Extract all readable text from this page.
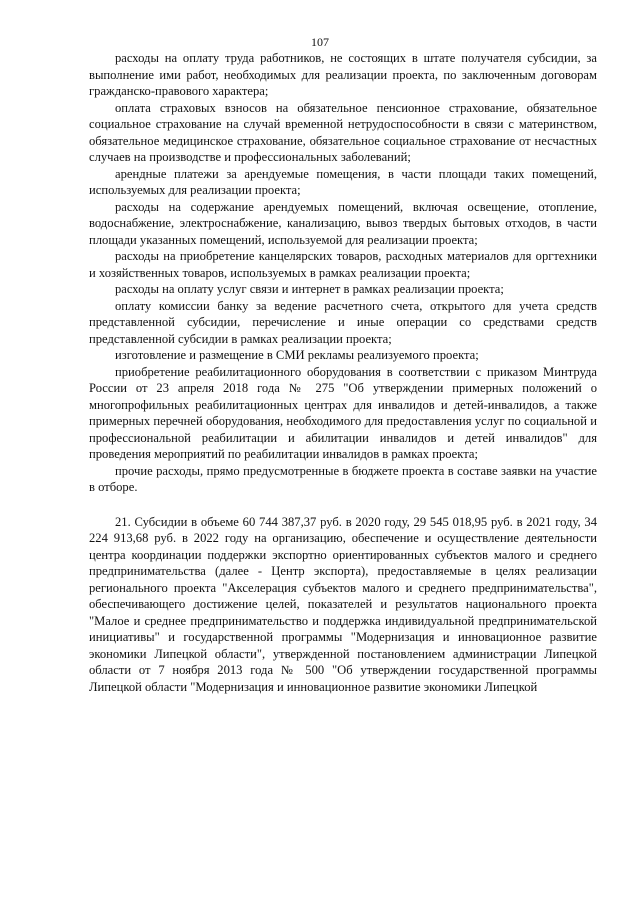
107

расходы на оплату труда работников, не состоящих в штате получателя субсидии, за выполнение ими работ, необходимых для реализации проекта, по заключенным договорам гражданско-правового характера;

оплата страховых взносов на обязательное пенсионное страхование, обязательное социальное страхование на случай временной нетрудоспособности в связи с материнством, обязательное медицинское страхование, обязательное социальное страхование от несчастных случаев на производстве и профессиональных заболеваний;

арендные платежи за арендуемые помещения, в части площади таких помещений, используемых для реализации проекта;

расходы на содержание арендуемых помещений, включая освещение, отопление, водоснабжение, электроснабжение, канализацию, вывоз твердых бытовых отходов, в части площади указанных помещений, используемой для реализации проекта;

расходы на приобретение канцелярских товаров, расходных материалов для оргтехники и хозяйственных товаров, используемых в рамках реализации проекта;

расходы на оплату услуг связи и интернет в рамках реализации проекта;

оплату комиссии банку за ведение расчетного счета, открытого для учета средств представленной субсидии, перечисление и иные операции со средствами средств представленной субсидии в рамках реализации проекта;

изготовление и размещение в СМИ рекламы реализуемого проекта;

приобретение реабилитационного оборудования в соответствии с приказом Минтруда России от 23 апреля 2018 года № 275 "Об утверждении примерных положений о многопрофильных реабилитационных центрах для инвалидов и детей-инвалидов, а также примерных перечней оборудования, необходимого для предоставления услуг по социальной и профессиональной реабилитации и абилитации инвалидов и детей инвалидов" для проведения мероприятий по реабилитации инвалидов в рамках проекта;

прочие расходы, прямо предусмотренные в бюджете проекта в составе заявки на участие в отборе.

21. Субсидии в объеме 60 744 387,37 руб. в 2020 году, 29 545 018,95 руб. в 2021 году, 34 224 913,68 руб. в 2022 году на организацию, обеспечение и осуществление деятельности центра координации поддержки экспортно ориентированных субъектов малого и среднего предпринимательства (далее - Центр экспорта), предоставляемые в целях реализации регионального проекта "Акселерация субъектов малого и среднего предпринимательства", обеспечивающего достижение целей, показателей и результатов национального проекта "Малое и среднее предпринимательство и поддержка индивидуальной предпринимательской инициативы" и государственной программы "Модернизация и инновационное развитие экономики Липецкой области", утвержденной постановлением администрации Липецкой области от 7 ноября 2013 года № 500 "Об утверждении государственной программы Липецкой области "Модернизация и инновационное развитие экономики Липецкой
